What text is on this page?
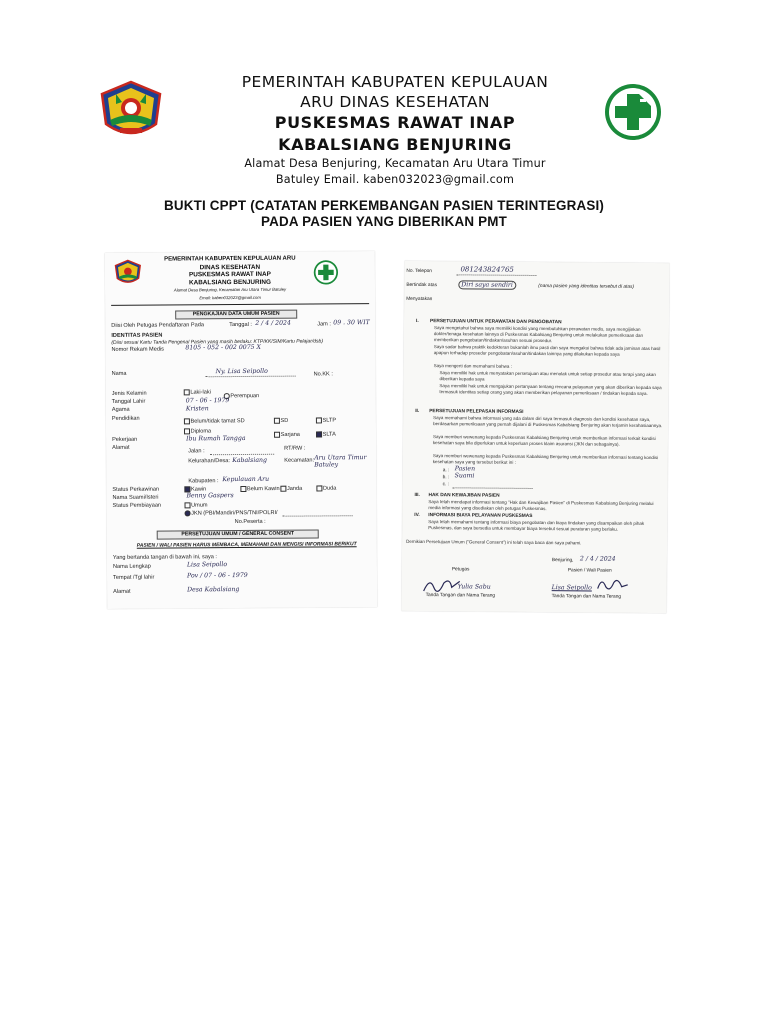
PEMERINTAH KABUPATEN KEPULAUAN
ARU DINAS KESEHATAN
PUSKESMAS RAWAT INAP
KABALSIANG BENJURING
Alamat Desa Benjuring, Kecamatan Aru Utara Timur
Batuley Email. kaben032023@gmail.com
BUKTI CPPT (CATATAN PERKEMBANGAN PASIEN TERINTEGRASI)
PADA PASIEN YANG DIBERIKAN PMT
PEMERINTAH KABUPATEN KEPULAUAN ARU
DINAS KESEHATAN
PUSKESMAS RAWAT INAP
KABALSIANG BENJURING
Alamat Desa Benjuring, Kecamatan Aru Utara Timur Batuley
Email: kaben032023@gmail.com
PENGKAJIAN DATA UMUM PASIEN
Diisi Oleh Petugas Pendaftaran Pada	Tanggal : 2 / 4 / 2024	Jam : 09 . 30 WIT
IDENTITAS PASIEN
(Diisi sesuai Kartu Tanda Pengenal Pasien yang masih berlaku: KTP/KK/SIM/Kartu Pelajar/dsb)
Nomor Rekam Medis	8105 - 052 - 002 0075 X
Nama	Ny. Lisa Seipollo	No.KK :
Jenis Kelamin	Laki-laki
Perempuan
Tanggal Lahir	07 - 06 - 1979
Agama	Kristen
Pendidikan	Belum/tidak tamat SD	SD	SLTP
Diploma
Sarjana	SLTA
Pekerjaan	Ibu Rumah Tangga
Alamat
Jalan :	RT/RW :
Kelurahan/Desa: Kabalsiang	Kecamatan: Aru Utara Timur Batuley
Kabupaten : Kepulauan Aru
Status Perkawinan	Kawin	Belum Kawin	Janda	Duda
Nama Suami/Isteri	Benny Gaspers
Status Pembiayaan	Umum
JKN (PBI/Mandiri/PNS/TNI/POLRI/
No.Peserta :
PERSETUJUAN UMUM / GENERAL CONSENT
PASIEN / WALI PASIEN HARUS MEMBACA, MEMAHAMI DAN MENGISI INFORMASI BERIKUT
Yang bertanda tangan di bawah ini, saya :
Nama Lengkap	Lisa Seipollo
Tempat /Tgl lahir	Pov / 07 - 06 - 1979
Alamat	Desa Kabalsiang
No. Telepon	081243824765
Bertindak atas	Diri saya sendiri	(nama pasien yang identitas tersebut di atas)
Menyatakan
I. PERSETUJUAN UNTUK PERAWATAN DAN PENGOBATAN
Saya mengetahui bahwa saya memiliki kondisi yang membutuhkan perawatan medis, saya mengijinkan dokter/tenaga kesehatan lainnya di Puskesmas Kabalsiang Benjuring untuk melakukan pemeriksaan dan memberikan pengobatan/tindakan/asuhan sesuai prosedur.
Saya sadar bahwa praktik kedokteran bukanlah ilmu pasti dan saya mengakui bahwa tidak ada jaminan atas hasil apapun terhadap prosedur pengobatan/asuhan/tindakan lainnya yang dilakukan kepada saya
Saya mengerti dan memahami bahwa :
Saya memiliki hak untuk menyatakan persetujuan atau menolak untuk setiap prosedur atau terapi yang akan diberikan kepada saya
Saya memiliki hak untuk mengajukan pertanyaan tentang rencana pelayanan yang akan diberikan kepada saya termasuk identitas setiap orang yang akan memberikan pelayanan pemeriksaan / tindakan kepada saya.
II. PERSETUJUAN PELEPASAN INFORMASI
Saya memahami bahwa informasi yang ada dalam diri saya termasuk diagnosis dan kondisi kesehatan saya, berdasarkan pemeriksaan yang pernah dijalani di Puskesmas Kabalsiang Benjuring akan terjamin kerahasiaannya.
Saya memberi wewenang kepada Puskesmas Kabalsiang Benjuring untuk memberikan informasi terkait kondisi kesehatan saya bila diperlukan untuk keperluan proses klaim asuransi (JKN dan sebagainya).
Saya memberi wewenang kepada Puskesmas Kabalsiang Benjuring untuk memberikan informasi tentang kondisi kesehatan saya yang tersebut berikut ini :
a. : Pasien
b. : Suami
c. :
III. HAK DAN KEWAJIBAN PASIEN
Saya telah mendapat informasi tentang "Hak dan Kewajiban Pasien" di Puskesmas Kabalsiang Benjuring melalui media informasi yang disediakan oleh petugas Puskesmas.
IV. INFORMASI BIAYA PELAYANAN PUSKESMAS
Saya telah memahami tentang informasi biaya pengobatan dan biaya tindakan yang disampaikan oleh pihak Puskesmas, dan saya bersedia untuk membayar biaya tersebut sesuai peraturan yang berlaku.
Demikian Persetujuan Umum ("General Consent") ini telah saya baca dan saya pahami.
Benjuring, 2 / 4 / 2024
Petugas	Pasien / Wali Pasien
Yulia Sabu	Lisa Seipollo
Tanda Tangan dan Nama Terang	Tanda Tangan dan Nama Terang
